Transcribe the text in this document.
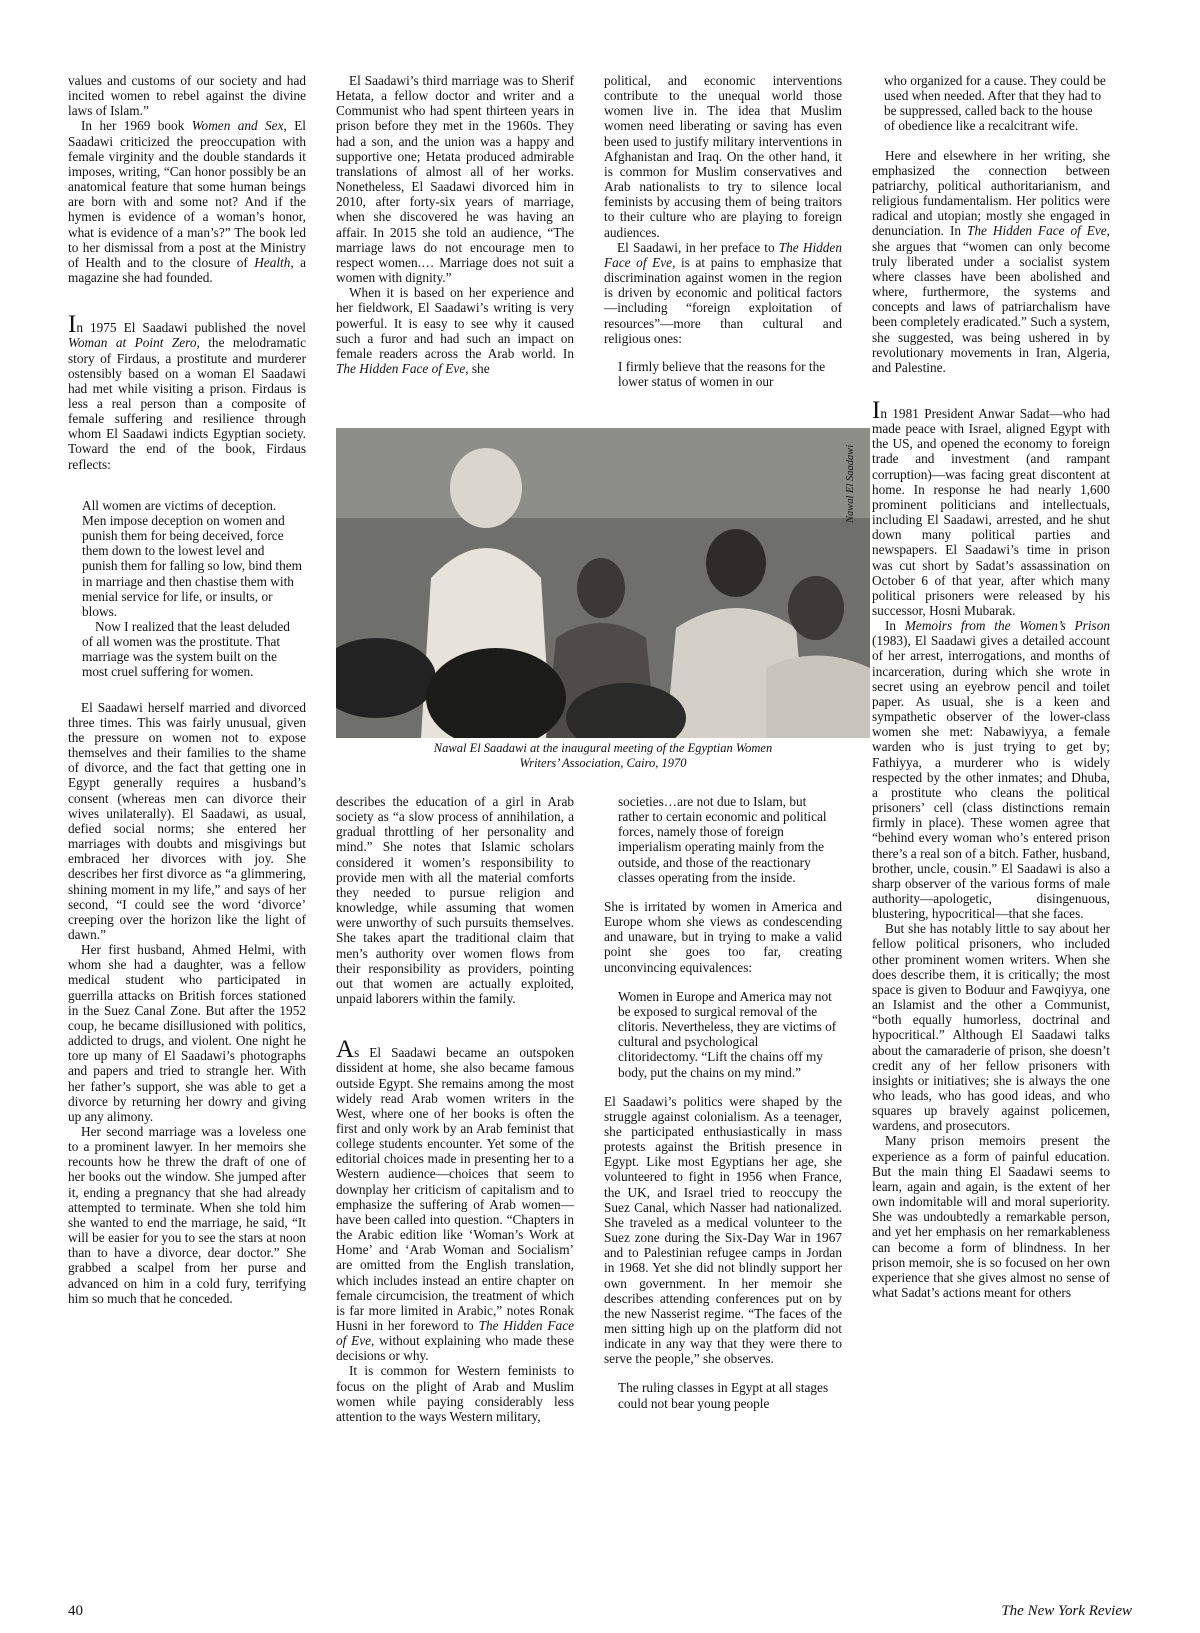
values and customs of our society and had incited women to rebel against the divine laws of Islam.”

In her 1969 book Women and Sex, El Saadawi criticized the preoccupation with female virginity and the double standards it imposes, writing, “Can honor possibly be an anatomical feature that some human beings are born with and some not? And if the hymen is evidence of a woman’s honor, what is evidence of a man’s?” The book led to her dismissal from a post at the Ministry of Health and to the closure of Health, a magazine she had founded.

In 1975 El Saadawi published the novel Woman at Point Zero, the melodramatic story of Firdaus, a prostitute and murderer ostensibly based on a woman El Saadawi had met while visiting a prison. Firdaus is less a real person than a composite of female suffering and resilience through whom El Saadawi indicts Egyptian society. Toward the end of the book, Firdaus reflects:

All women are victims of deception. Men impose deception on women and punish them for being deceived, force them down to the lowest level and punish them for falling so low, bind them in marriage and then chastise them with menial service for life, or insults, or blows.

Now I realized that the least deluded of all women was the prostitute. That marriage was the system built on the most cruel suffering for women.

El Saadawi herself married and divorced three times. This was fairly unusual, given the pressure on women not to expose themselves and their families to the shame of divorce, and the fact that getting one in Egypt generally requires a husband’s consent (whereas men can divorce their wives unilaterally). El Saadawi, as usual, defied social norms; she entered her marriages with doubts and misgivings but embraced her divorces with joy. She describes her first divorce as “a glimmering, shining moment in my life,” and says of her second, “I could see the word ‘divorce’ creeping over the horizon like the light of dawn.”

Her first husband, Ahmed Helmi, with whom she had a daughter, was a fellow medical student who participated in guerrilla attacks on British forces stationed in the Suez Canal Zone. But after the 1952 coup, he became disillusioned with politics, addicted to drugs, and violent. One night he tore up many of El Saadawi’s photographs and papers and tried to strangle her. With her father’s support, she was able to get a divorce by returning her dowry and giving up any alimony.

Her second marriage was a loveless one to a prominent lawyer. In her memoirs she recounts how he threw the draft of one of her books out the window. She jumped after it, ending a pregnancy that she had already attempted to terminate. When she told him she wanted to end the marriage, he said, “It will be easier for you to see the stars at noon than to have a divorce, dear doctor.” She grabbed a scalpel from her purse and advanced on him in a cold fury, terrifying him so much that he conceded.

El Saadawi’s third marriage was to Sherif Hetata, a fellow doctor and writer and a Communist who had spent thirteen years in prison before they met in the 1960s. They had a son, and the union was a happy and supportive one; Hetata produced admirable translations of almost all of her works. Nonetheless, El Saadawi divorced him in 2010, after forty-six years of marriage, when she discovered he was having an affair. In 2015 she told an audience, “The marriage laws do not encourage men to respect women.… Marriage does not suit a women with dignity.”

When it is based on her experience and her fieldwork, El Saadawi’s writing is very powerful. It is easy to see why it caused such a furor and had such an impact on female readers across the Arab world. In The Hidden Face of Eve, she

Nawal El Saadawi
Nawal El Saadawi at the inaugural meeting of the Egyptian Women
Writers’ Association, Cairo, 1970

describes the education of a girl in Arab society as “a slow process of annihilation, a gradual throttling of her personality and mind.” She notes that Islamic scholars considered it women’s responsibility to provide men with all the material comforts they needed to pursue religion and knowledge, while assuming that women were unworthy of such pursuits themselves. She takes apart the traditional claim that men’s authority over women flows from their responsibility as providers, pointing out that women are actually exploited, unpaid laborers within the family.

As El Saadawi became an outspoken dissident at home, she also became famous outside Egypt. She remains among the most widely read Arab women writers in the West, where one of her books is often the first and only work by an Arab feminist that college students encounter. Yet some of the editorial choices made in presenting her to a Western audience—choices that seem to downplay her criticism of capitalism and to emphasize the suffering of Arab women—have been called into question. “Chapters in the Arabic edition like ‘Woman’s Work at Home’ and ‘Arab Woman and Socialism’ are omitted from the English translation, which includes instead an entire chapter on female circumcision, the treatment of which is far more limited in Arabic,” notes Ronak Husni in her foreword to The Hidden Face of Eve, without explaining who made these decisions or why.

It is common for Western feminists to focus on the plight of Arab and Muslim women while paying considerably less attention to the ways Western military,

political, and economic interventions contribute to the unequal world those women live in. The idea that Muslim women need liberating or saving has even been used to justify military interventions in Afghanistan and Iraq. On the other hand, it is common for Muslim conservatives and Arab nationalists to try to silence local feminists by accusing them of being traitors to their culture who are playing to foreign audiences.

El Saadawi, in her preface to The Hidden Face of Eve, is at pains to emphasize that discrimination against women in the region is driven by economic and political factors—including “foreign exploitation of resources”—more than cultural and religious ones:

I firmly believe that the reasons for the lower status of women in our

societies…are not due to Islam, but rather to certain economic and political forces, namely those of foreign imperialism operating mainly from the outside, and those of the reactionary classes operating from the inside.

She is irritated by women in America and Europe whom she views as condescending and unaware, but in trying to make a valid point she goes too far, creating unconvincing equivalences:

Women in Europe and America may not be exposed to surgical removal of the clitoris. Nevertheless, they are victims of cultural and psychological clitoridectomy. “Lift the chains off my body, put the chains on my mind.”

El Saadawi’s politics were shaped by the struggle against colonialism. As a teenager, she participated enthusiastically in mass protests against the British presence in Egypt. Like most Egyptians her age, she volunteered to fight in 1956 when France, the UK, and Israel tried to reoccupy the Suez Canal, which Nasser had nationalized. She traveled as a medical volunteer to the Suez zone during the Six-Day War in 1967 and to Palestinian refugee camps in Jordan in 1968. Yet she did not blindly support her own government. In her memoir she describes attending conferences put on by the new Nasserist regime. “The faces of the men sitting high up on the platform did not indicate in any way that they were there to serve the people,” she observes.

The ruling classes in Egypt at all stages could not bear young people

who organized for a cause. They could be used when needed. After that they had to be suppressed, called back to the house of obedience like a recalcitrant wife.

Here and elsewhere in her writing, she emphasized the connection between patriarchy, political authoritarianism, and religious fundamentalism. Her politics were radical and utopian; mostly she engaged in denunciation. In The Hidden Face of Eve, she argues that “women can only become truly liberated under a socialist system where classes have been abolished and where, furthermore, the systems and concepts and laws of patriarchalism have been completely eradicated.” Such a system, she suggested, was being ushered in by revolutionary movements in Iran, Algeria, and Palestine.

In 1981 President Anwar Sadat—who had made peace with Israel, aligned Egypt with the US, and opened the economy to foreign trade and investment (and rampant corruption)—was facing great discontent at home. In response he had nearly 1,600 prominent politicians and intellectuals, including El Saadawi, arrested, and he shut down many political parties and newspapers. El Saadawi’s time in prison was cut short by Sadat’s assassination on October 6 of that year, after which many political prisoners were released by his successor, Hosni Mubarak.

In Memoirs from the Women’s Prison (1983), El Saadawi gives a detailed account of her arrest, interrogations, and months of incarceration, during which she wrote in secret using an eyebrow pencil and toilet paper. As usual, she is a keen and sympathetic observer of the lower-class women she met: Nabawiyya, a female warden who is just trying to get by; Fathiyya, a murderer who is widely respected by the other inmates; and Dhuba, a prostitute who cleans the political prisoners’ cell (class distinctions remain firmly in place). These women agree that “behind every woman who’s entered prison there’s a real son of a bitch. Father, husband, brother, uncle, cousin.” El Saadawi is also a sharp observer of the various forms of male authority—apologetic, disingenuous, blustering, hypocritical—that she faces.

But she has notably little to say about her fellow political prisoners, who included other prominent women writers. When she does describe them, it is critically; the most space is given to Boduur and Fawqiyya, one an Islamist and the other a Communist, “both equally humorless, doctrinal and hypocritical.” Although El Saadawi talks about the camaraderie of prison, she doesn’t credit any of her fellow prisoners with insights or initiatives; she is always the one who leads, who has good ideas, and who squares up bravely against policemen, wardens, and prosecutors.

Many prison memoirs present the experience as a form of painful education. But the main thing El Saadawi seems to learn, again and again, is the extent of her own indomitable will and moral superiority. She was undoubtedly a remarkable person, and yet her emphasis on her remarkableness can become a form of blindness. In her prison memoir, she is so focused on her own experience that she gives almost no sense of what Sadat’s actions meant for others

40	The New York Review
